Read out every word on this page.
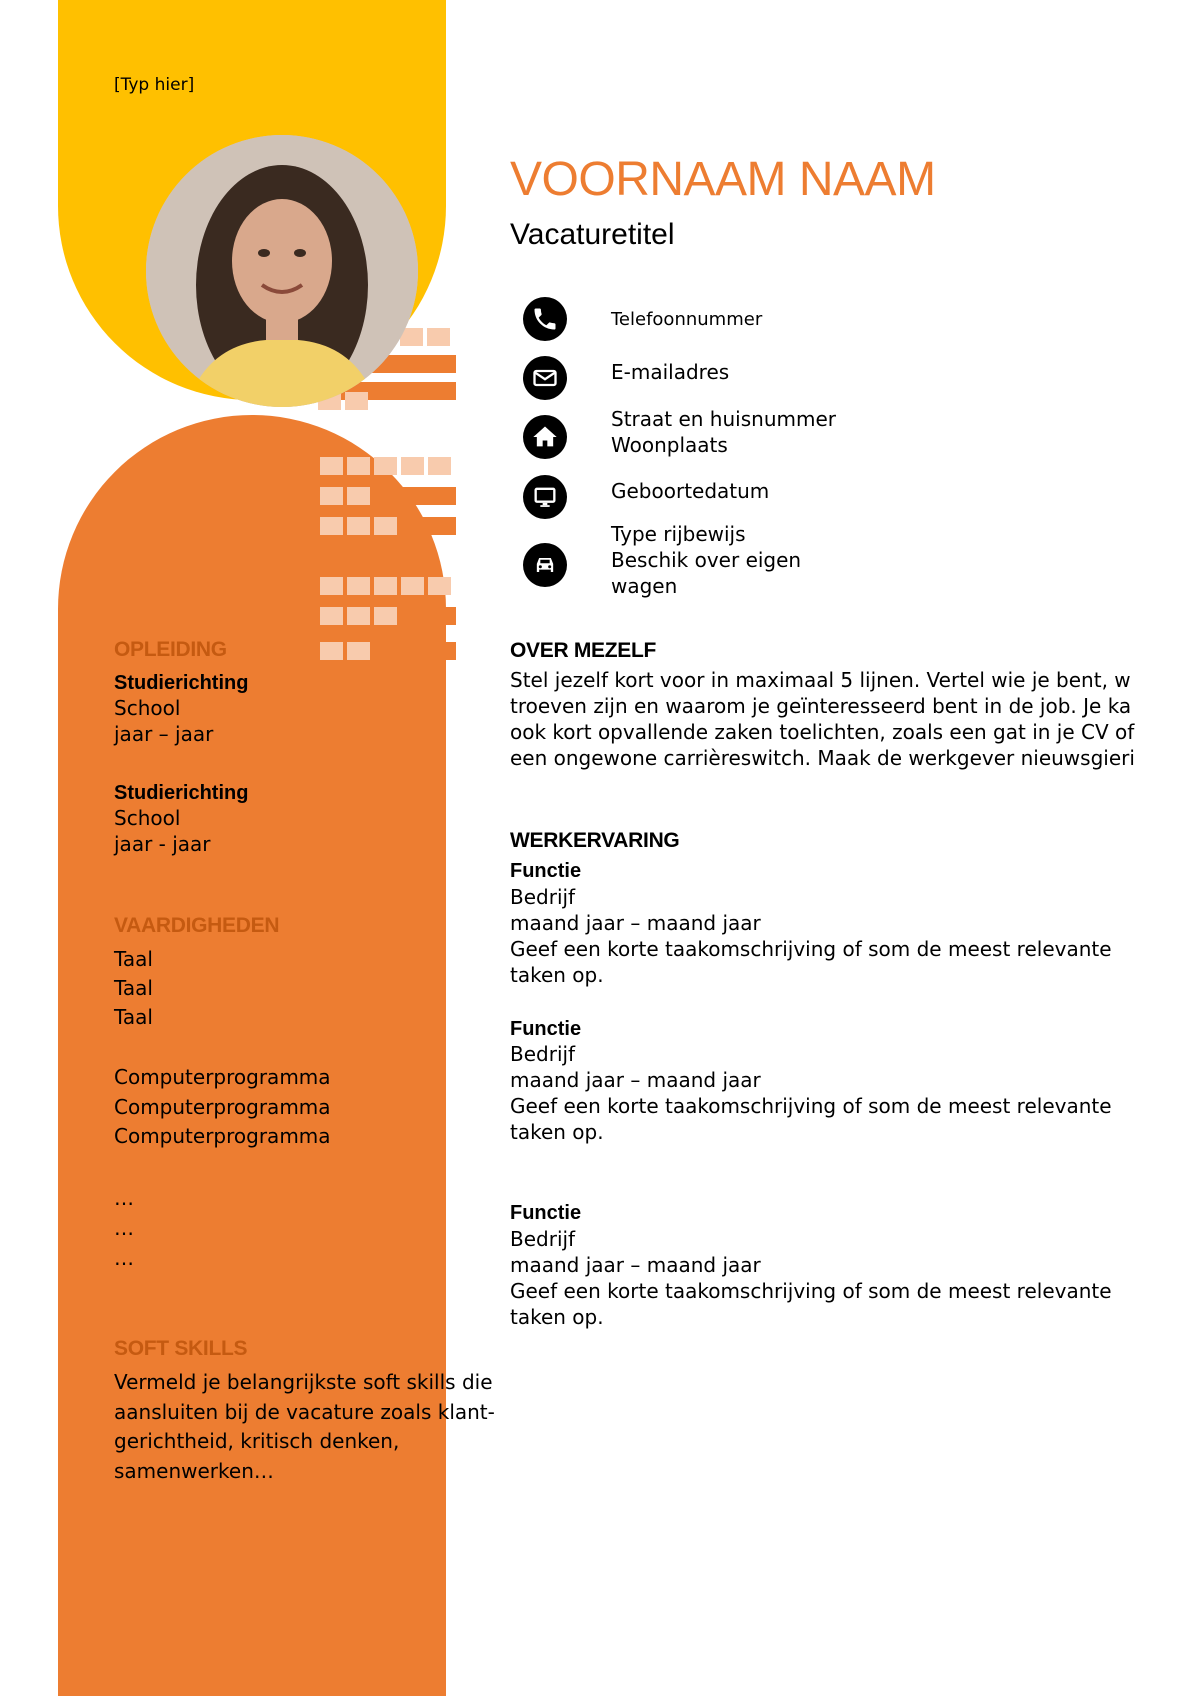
[Typ hier]
VOORNAAM NAAM
Vacaturetitel
Telefoonnummer
E-mailadres
Straat en huisnummer
Woonplaats
Geboortedatum
Type rijbewijs
Beschik over eigen
wagen
OPLEIDING
Studierichting
School
jaar – jaar
Studierichting
School
jaar - jaar
VAARDIGHEDEN
Taal
Taal
Taal
Computerprogramma
Computerprogramma
Computerprogramma
…
…
…
SOFT SKILLS
Vermeld je belangrijkste soft skills die
aansluiten bij de vacature zoals klant-
gerichtheid, kritisch denken,
samenwerken…
OVER MEZELF
Stel jezelf kort voor in maximaal 5 lijnen. Vertel wie je bent, w
troeven zijn en waarom je geïnteresseerd bent in de job. Je ka
ook kort opvallende zaken toelichten, zoals een gat in je CV of
een ongewone carrièreswitch. Maak de werkgever nieuwsgieri
WERKERVARING
Functie
Bedrijf
maand jaar – maand jaar
Geef een korte taakomschrijving of som de meest relevante
taken op.
Functie
Bedrijf
maand jaar – maand jaar
Geef een korte taakomschrijving of som de meest relevante
taken op.
Functie
Bedrijf
maand jaar – maand jaar
Geef een korte taakomschrijving of som de meest relevante
taken op.
